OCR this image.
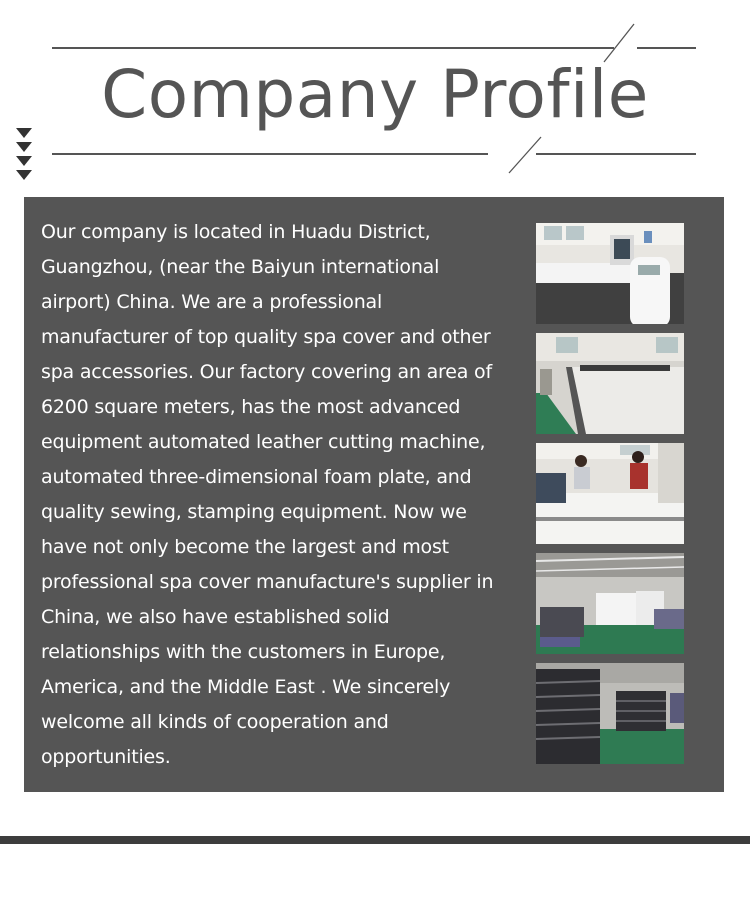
Company Profile

Our company is located in Huadu District,
Guangzhou, (near the Baiyun international
airport) China. We are a professional
manufacturer of top quality spa cover and other
spa accessories. Our factory covering an area of
6200 square meters, has the most advanced
equipment automated leather cutting machine,
automated three-dimensional foam plate, and
quality sewing, stamping equipment. Now we
have not only become the largest and most
professional spa cover manufacture's supplier in
China, we also have established solid
relationships with the customers in Europe,
America, and the Middle East . We sincerely
welcome all kinds of cooperation and
opportunities.
